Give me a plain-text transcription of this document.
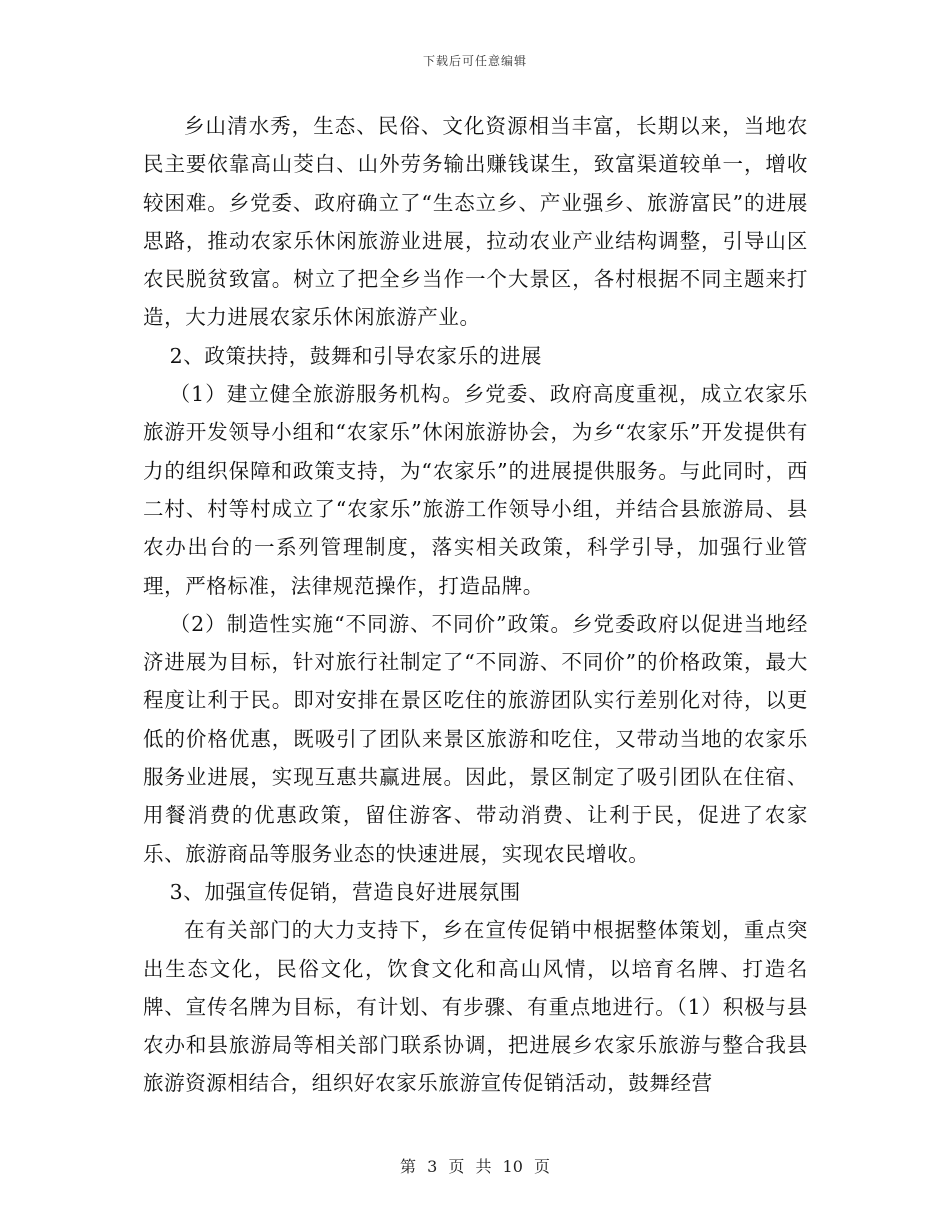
下载后可任意编辑

乡山清水秀，生态、民俗、文化资源相当丰富，长期以来，当地农民主要依靠高山茭白、山外劳务输出赚钱谋生，致富渠道较单一，增收较困难。乡党委、政府确立了“生态立乡、产业强乡、旅游富民”的进展思路，推动农家乐休闲旅游业进展，拉动农业产业结构调整，引导山区农民脱贫致富。树立了把全乡当作一个大景区，各村根据不同主题来打造，大力进展农家乐休闲旅游产业。

2、政策扶持，鼓舞和引导农家乐的进展

（1）建立健全旅游服务机构。乡党委、政府高度重视，成立农家乐旅游开发领导小组和“农家乐”休闲旅游协会，为乡“农家乐”开发提供有力的组织保障和政策支持，为“农家乐”的进展提供服务。与此同时，西二村、村等村成立了“农家乐”旅游工作领导小组，并结合县旅游局、县农办出台的一系列管理制度，落实相关政策，科学引导，加强行业管理，严格标准，法律规范操作，打造品牌。

（2）制造性实施“不同游、不同价”政策。乡党委政府以促进当地经济进展为目标，针对旅行社制定了“不同游、不同价”的价格政策，最大程度让利于民。即对安排在景区吃住的旅游团队实行差别化对待，以更低的价格优惠，既吸引了团队来景区旅游和吃住，又带动当地的农家乐服务业进展，实现互惠共赢进展。因此，景区制定了吸引团队在住宿、用餐消费的优惠政策，留住游客、带动消费、让利于民，促进了农家乐、旅游商品等服务业态的快速进展，实现农民增收。

3、加强宣传促销，营造良好进展氛围

在有关部门的大力支持下，乡在宣传促销中根据整体策划，重点突出生态文化，民俗文化，饮食文化和高山风情，以培育名牌、打造名牌、宣传名牌为目标，有计划、有步骤、有重点地进行。（1）积极与县农办和县旅游局等相关部门联系协调，把进展乡农家乐旅游与整合我县旅游资源相结合，组织好农家乐旅游宣传促销活动，鼓舞经营

第 3 页 共 10 页
